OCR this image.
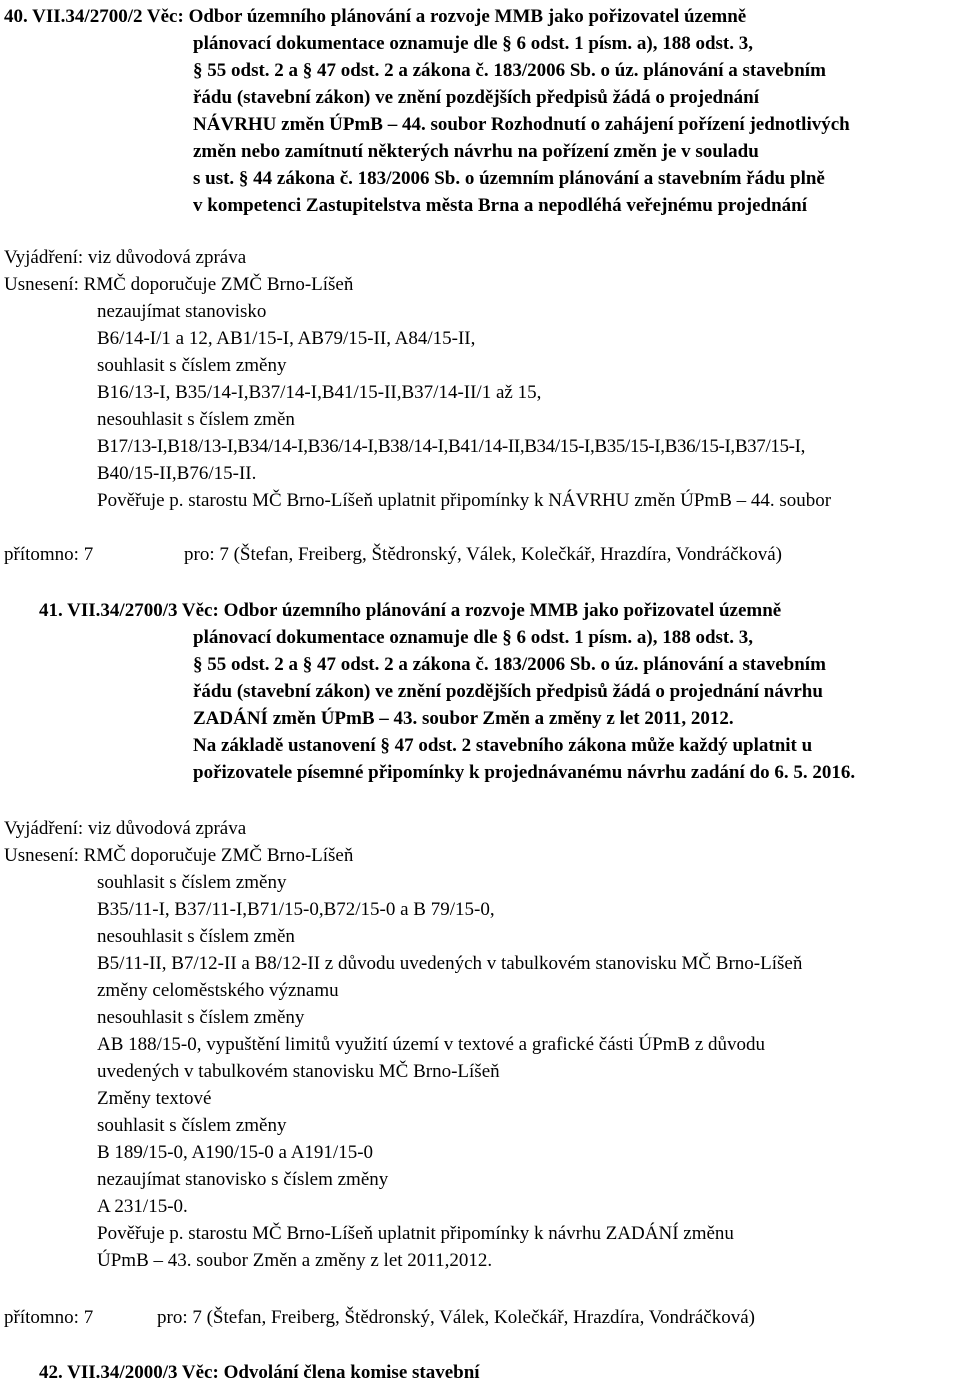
40. VII.34/2700/2 Věc: Odbor územního plánování a rozvoje MMB jako pořizovatel územně
plánovací dokumentace oznamuje dle § 6 odst. 1 písm. a), 188 odst. 3,
§ 55 odst. 2 a § 47 odst. 2 a zákona č. 183/2006 Sb. o úz. plánování a stavebním
řádu (stavební zákon) ve znění pozdějších předpisů žádá o projednání
NÁVRHU změn ÚPmB – 44. soubor Rozhodnutí o zahájení pořízení jednotlivých
změn nebo zamítnutí některých návrhu na pořízení změn je v souladu
s ust. § 44 zákona č. 183/2006 Sb. o územním plánování a stavebním řádu plně
v kompetenci Zastupitelstva města Brna a nepodléhá veřejnému projednání
Vyjádření: viz důvodová zpráva
Usnesení: RMČ doporučuje ZMČ Brno-Líšeň
nezaujímat stanovisko
B6/14-I/1 a 12, AB1/15-I, AB79/15-II, A84/15-II,
souhlasit s číslem změny
B16/13-I, B35/14-I,B37/14-I,B41/15-II,B37/14-II/1 až 15,
nesouhlasit s číslem změn
B17/13-I,B18/13-I,B34/14-I,B36/14-I,B38/14-I,B41/14-II,B34/15-I,B35/15-I,B36/15-I,B37/15-I,
B40/15-II,B76/15-II.
Pověřuje p. starostu MČ Brno-Líšeň uplatnit připomínky k NÁVRHU změn ÚPmB – 44. soubor
přítomno: 7	pro: 7 (Štefan, Freiberg, Štědronský, Válek, Kolečkář, Hrazdíra, Vondráčková)
41. VII.34/2700/3 Věc: Odbor územního plánování a rozvoje MMB jako pořizovatel územně
plánovací dokumentace oznamuje dle § 6 odst. 1 písm. a), 188 odst. 3,
§ 55 odst. 2 a § 47 odst. 2 a zákona č. 183/2006 Sb. o úz. plánování a stavebním
řádu (stavební zákon) ve znění pozdějších předpisů žádá o projednání návrhu
ZADÁNÍ změn ÚPmB – 43. soubor Změn a změny z let 2011, 2012.
Na základě ustanovení § 47 odst. 2 stavebního zákona může každý uplatnit u
pořizovatele písemné připomínky k projednávanému návrhu zadání do 6. 5. 2016.
Vyjádření: viz důvodová zpráva
Usnesení: RMČ doporučuje ZMČ Brno-Líšeň
souhlasit s číslem změny
B35/11-I, B37/11-I,B71/15-0,B72/15-0 a B 79/15-0,
nesouhlasit s číslem změn
B5/11-II, B7/12-II a B8/12-II z důvodu uvedených v tabulkovém stanovisku MČ Brno-Líšeň
změny celoměstského významu
nesouhlasit s číslem změny
AB 188/15-0, vypuštění limitů využití území v textové a grafické části ÚPmB z důvodu
uvedených v tabulkovém stanovisku MČ Brno-Líšeň
Změny textové
souhlasit s číslem změny
B 189/15-0, A190/15-0 a A191/15-0
nezaujímat stanovisko s číslem změny
A 231/15-0.
Pověřuje p. starostu MČ Brno-Líšeň uplatnit připomínky k návrhu ZADÁNÍ změnu
ÚPmB – 43. soubor Změn a změny z let 2011,2012.
přítomno: 7	pro: 7 (Štefan, Freiberg, Štědronský, Válek, Kolečkář, Hrazdíra, Vondráčková)
42. VII.34/2000/3 Věc: Odvolání člena komise stavební
